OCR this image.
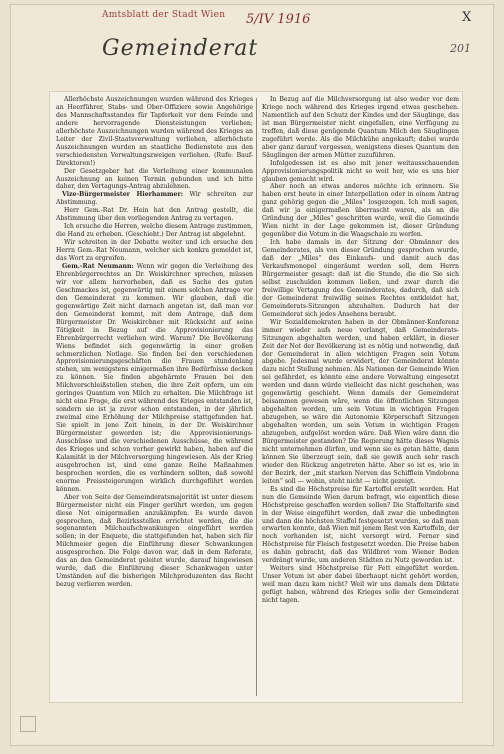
Amtsblatt der Stadt Wien 5/IV 1916	X
201
Gemeinderat

Allerhöchste Auszeichnungen wurden während des Krieges an Heerführer, Stabs- und Ober-Offiziere sowie Angehörige des Mannschaftsstandes für Tapferkeit vor dem Feinde und andere hervorragende Diensteistungen verliehen; allerhöchste Auszeichnungen wurden während des Krieges an Leiter der Zivil-Staatsverwaltung verliehen, allerhöchste Auszeichnungen wurden an staatliche Bedienstete aus den verschiedensten Verwaltungszweigen verliehen. (Rufe: Bauf-Direktoren!)

Der Gesetzgeber hat die Verleihung einer kommunalen Auszeichnung an keinen Termin gebunden und ich bitte daher, den Vertagungs-Antrag abzulehnen.

Vize-Bürgermeister Hierhammer: Wir schreiten zur Abstimmung.

Herr Gem.-Rat Dr. Hein hat den Antrag gestellt, die Abstimmung über den vorliegenden Antrag zu vertagen.

Ich ersuche die Herren, welche diesem Antrage zustimmen, die Hand zu erheben. (Geschieht.) Der Antrag ist abgelehnt.

Wir schreiten in der Debatte weiter und ich ersuche den Herrn Gem.-Rat Neumann, welcher sich konkra gemeldet ist, das Wort zu ergreifen.

Gem.-Rat Neumann: Wenn wir gegen die Verleihung des Ehrenbürgerrechtes an Dr. Weiskirchner sprechen, müssen wir vor allem hervorheben, daß es Sache des guten Geschmackes ist, gegenwärtig mit einem solchen Antrage vor den Gemeinderat zu kommen. Wir glauben, daß die gegenwärtige Zeit nicht darnach angetan ist, daß man vor den Gemeinderat kommt, mit dem Antrage, daß dem Bürgermeister Dr. Weiskirchner mit Rücksicht auf seine Tätigkeit in Bezug auf die Approvisionierung das Ehrenbürgerrecht verliehen wird. Warum? Die Bevölkerung Wiens befindet sich gegenwärtig in einer großen schmerzlichen Notlage. Sie finden bei den verschiedenen Approvisionierungsgeschäften die Frauen stundenlang stehen, um wenigstens einigermaßen ihre Bedürfnisse decken zu können. Sie finden abgehärmte Frauen bei den Milchverschleißstellen stehen, die ihre Zeit opfern, um ein geringes Quantum von Milch zu erhalten. Die Milchfrage ist nicht eine Frage, die erst während des Krieges entstanden ist, sondern sie ist ja zuvor schon entstanden, in der jährlich zweimal eine Erhöhung der Milchpreise stattgefunden hat. Sie spielt in jene Zeit hinein, in der Dr. Weiskirchner Bürgermeister geworden ist; die Approvisionierungs-Ausschüsse und die verschiedenen Ausschüsse, die während des Krieges und schon vorher gewirkt haben, haben auf die Kalamität in der Milchversorgung hingewiesen. Als der Krieg ausgebrochen ist, sind eine ganze Reihe Maßnahmen besprochen worden, die es verhindern sollten, daß sowohl enorme Preissteigerungen wirklich durchgeführt werden können.

Aber von Seite der Gemeinderatsmajorität ist unter diesem Bürgermeister nicht ein Finger gerührt worden, um gegen diese Not einigermaßen anzukämpfen. Es wurde davon gesprochen, daß Bezirksstellen errichtet werden, die die sogenannten Milchaufschwankungen eingeführt werden sollen; in der Enquete, die stattgefunden hat, haben sich für Milchmeier gegen die Einführung dieser Schwankungen ausgesprochen. Die Folge davon war, daß in dem Referate, das an den Gemeinderat geleitet wurde, darauf hingewiesen wurde, daß die Einführung dieser Schankwagen unter Umständen auf die bisherigen Milchproduzenten das Recht bezug verlieren werden.

In Bezug auf die Milchversorgung ist also weder vor dem Kriege noch während des Krieges irgend etwas geschehen. Namentlich auf den Schutz der Kindes und der Säuglinge, das ist man Bürgermeister nicht eingefallen, eine Verfügung zu treffen, daß diese genügende Quantum Milch den Säuglingen zugeführt werde. Als die Milchkühe angekauft; dabei wurde aber ganz darauf vergessen, wenigstens dieses Quantum den Säuglingen der armen Mütter zuzuführen.

Infolgedessen ist es also mit jener weitausschauenden Approvisionierungspolitik nicht so weit her, wie es uns hier glauben gemacht wird.

Aber noch an etwas anderes möchte ich erinnern. Sie haben erst heute in einer Interpellation oder in einem Antrag ganz gehörig gegen die „Miles“ losgezogen. Ich muß sagen, daß wir ja einigermaßen überrascht waren, als an die Gründung der „Miles“ geschritten wurde, weil die Gemeinde Wien nicht in der Lage gekommen ist, dieser Gründung gegenüber die Votum in die Waagschale zu werfen.

Ich habe damals in der Sitzung der Obmänner des Gemeinderates, als von dieser Gründung gesprochen wurde, daß der „Miles“ des Einkaufs- und damit auch das Verkaufsmonopol eingeräumt werden soll, dem Herrn Bürgermeister gesagt: daß ist die Stunde, die die Sie sich selbst zuschulden kommen ließen, und zwar durch die freiwillige Vertagung des Gemeinderates, dadurch, daß sich der Gemeinderat freiwillig seines Rechtes entkleidet hat, Gemeinderats-Sitzungen abzuhalten. Dadurch hat der Gemeinderat sich jedes Ansehens beraubt.

Wir Sozialdemokraten haben in der Obmänner-Konferenz immer wieder aufs neue verlangt, daß Gemeinderats-Sitzungen abgehalten werden, und haben erklärt, in dieser Zeit der Not der Bevölkerung ist es nötig und notwendig, daß der Gemeinderat in allen wichtigen Fragen sein Votum abgebe. Jedesmal wurde erwidert, der Gemeinderat könnte dazu nicht Stellung nehmen. Als Nationen der Gemeinde Wien sei gefährdet, es könnte eine andere Verwaltung eingesetzt werden und dann würde vielleicht das nicht geschehen, was gegenwärtig geschieht. Wenn damals der Gemeinderat beisammen gewesen wäre, wenn die öffentlichen Sitzungen abgehalten worden, um sein Votum in wichtigen Fragen abzugeben, so wäre die Autonomie Körperschaft Sitzungen abgehalten worden, um sein Votum in wichtigen Fragen abzugeben, aufgelöst worden wäre. Daß Wien wäre dann die Bürgermeister gestanden? Die Regierung hätte dieses Wagnis nicht unternehmen dürfen, und wenn sie es getan hätte, dann können Sie überzeugt sein, daß sie gewiß auch sehr rasch wieder den Rückzug angetreten hätte. Aber so ist es, wie in der Bezirk, der „mit starken Nerven das Schifflein Vindobona leiten“ soll — wohin, steht nicht — nicht gezeigt.

Es sind die Höchstpreise für Kartoffel erstellt worden. Hat nun die Gemeinde Wien darum befragt, wie eigentlich diese Höchstpreise geschaffen werden sollen? Die Staffeltarife sind in der Weise eingeführt worden, daß zwar die unbedingten und dann die höchsten Staffel festgesetzt wurden, so daß man erwarten konnte, daß Wien mit jenem Rest von Kartoffeln, der noch vorhanden ist, nicht versorgt wird. Ferner sind Höchstpreise für Fleisch festgesetzt worden. Die Preise haben es dahin gebracht, daß das Wildbret vom Wiener Boden verdrängt wurde, um anderen Städten zu Nutz geworden ist.

Weiters sind Höchstpreise für Fett eingeführt worden. Unser Votum ist aber dabei überhaupt nicht gehört worden, weil man dazu kam nicht? Weil wir uns damals dem Diktate gefügt haben, während des Krieges solle der Gemeinderat nicht tagen.
